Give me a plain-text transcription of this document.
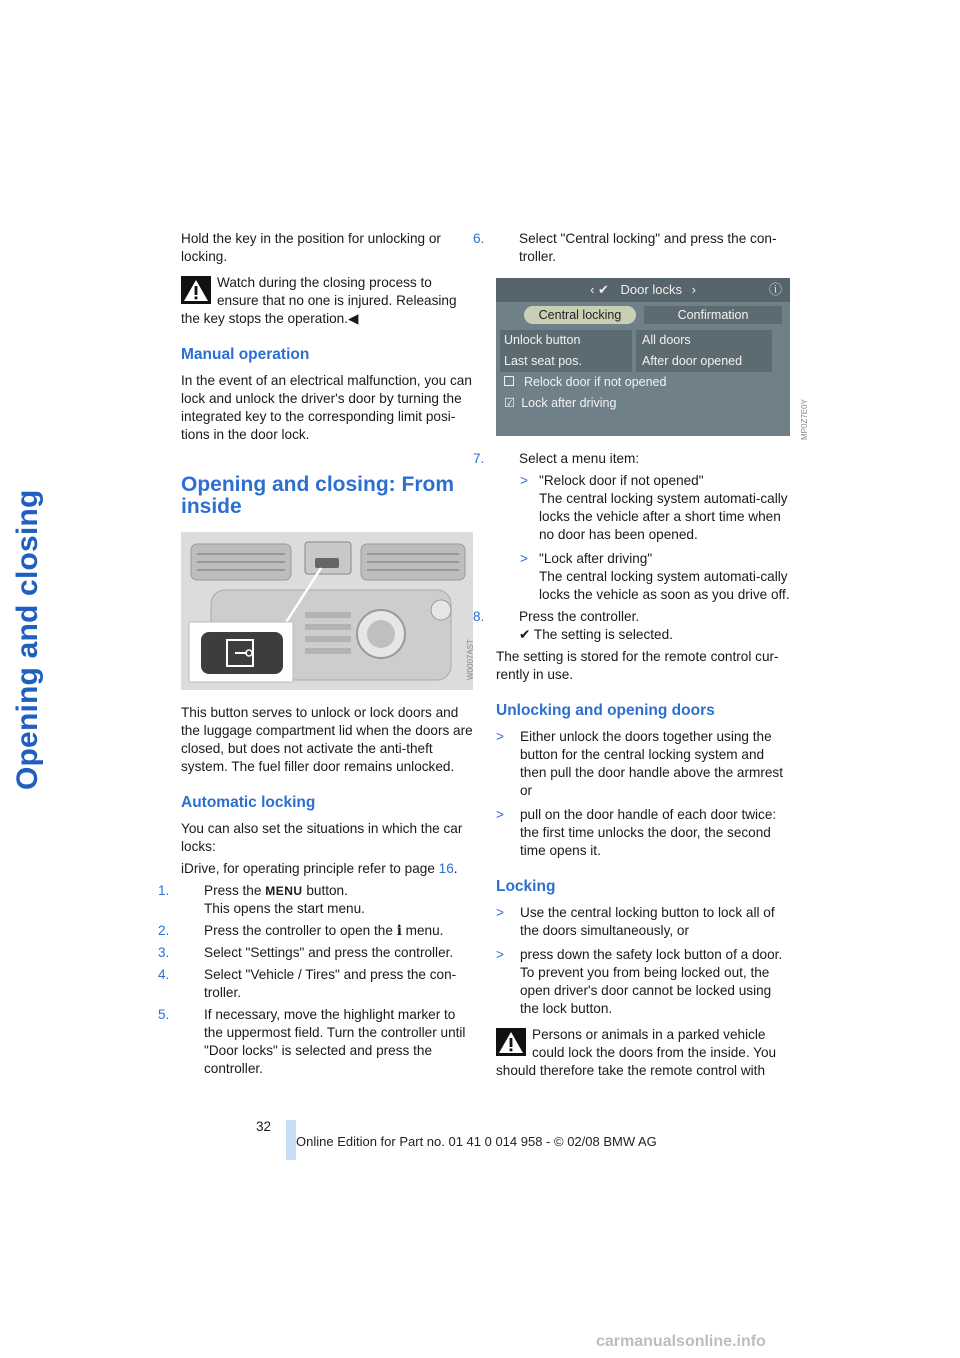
Opening and closing

Hold the key in the position for unlocking or locking.

Watch during the closing process to ensure that no one is injured. Releasing

the key stops the operation.◀

Manual operation

In the event of an electrical malfunction, you can lock and unlock the driver's door by turning the integrated key to the corresponding limit posi-tions in the door lock.

Opening and closing: From inside
W0007AST

This button serves to unlock or lock doors and the luggage compartment lid when the doors are closed, but does not activate the anti-theft system. The fuel filler door remains unlocked.

Automatic locking

You can also set the situations in which the car locks:

iDrive, for operating principle refer to page 16.

1.	Press the MENU button.
This opens the start menu.
2.	Press the controller to open the i menu.
3.	Select "Settings" and press the controller.
4.	Select "Vehicle / Tires" and press the con-troller.
5.	If necessary, move the highlight marker to the uppermost field. Turn the controller until "Door locks" is selected and press the controller.
6.	Select "Central locking" and press the con-troller.
‹ ✔ Door locks ›	ⓘ
Central locking	Confirmation
Unlock button	All doors
Last seat pos.	After door opened
Relock door if not opened
☑ Lock after driving	MP0Z7E0Y
7.	Select a menu item:
> "Relock door if not opened"
The central locking system automati-cally locks the vehicle after a short time when no door has been opened.
> "Lock after driving"
The central locking system automati-cally locks the vehicle as soon as you drive off.
8.	Press the controller.
✔ The setting is selected.

The setting is stored for the remote control cur-rently in use.

Unlocking and opening doors
> Either unlock the doors together using the button for the central locking system and then pull the door handle above the armrest or
> pull on the door handle of each door twice: the first time unlocks the door, the second time opens it.
Locking
> Use the central locking button to lock all of the doors simultaneously, or
> press down the safety lock button of a door. To prevent you from being locked out, the open driver's door cannot be locked using the lock button.

Persons or animals in a parked vehicle could lock the doors from the inside. You

should therefore take the remote control with

32
Online Edition for Part no. 01 41 0 014 958 - © 02/08 BMW AG
carmanualsonline.info
